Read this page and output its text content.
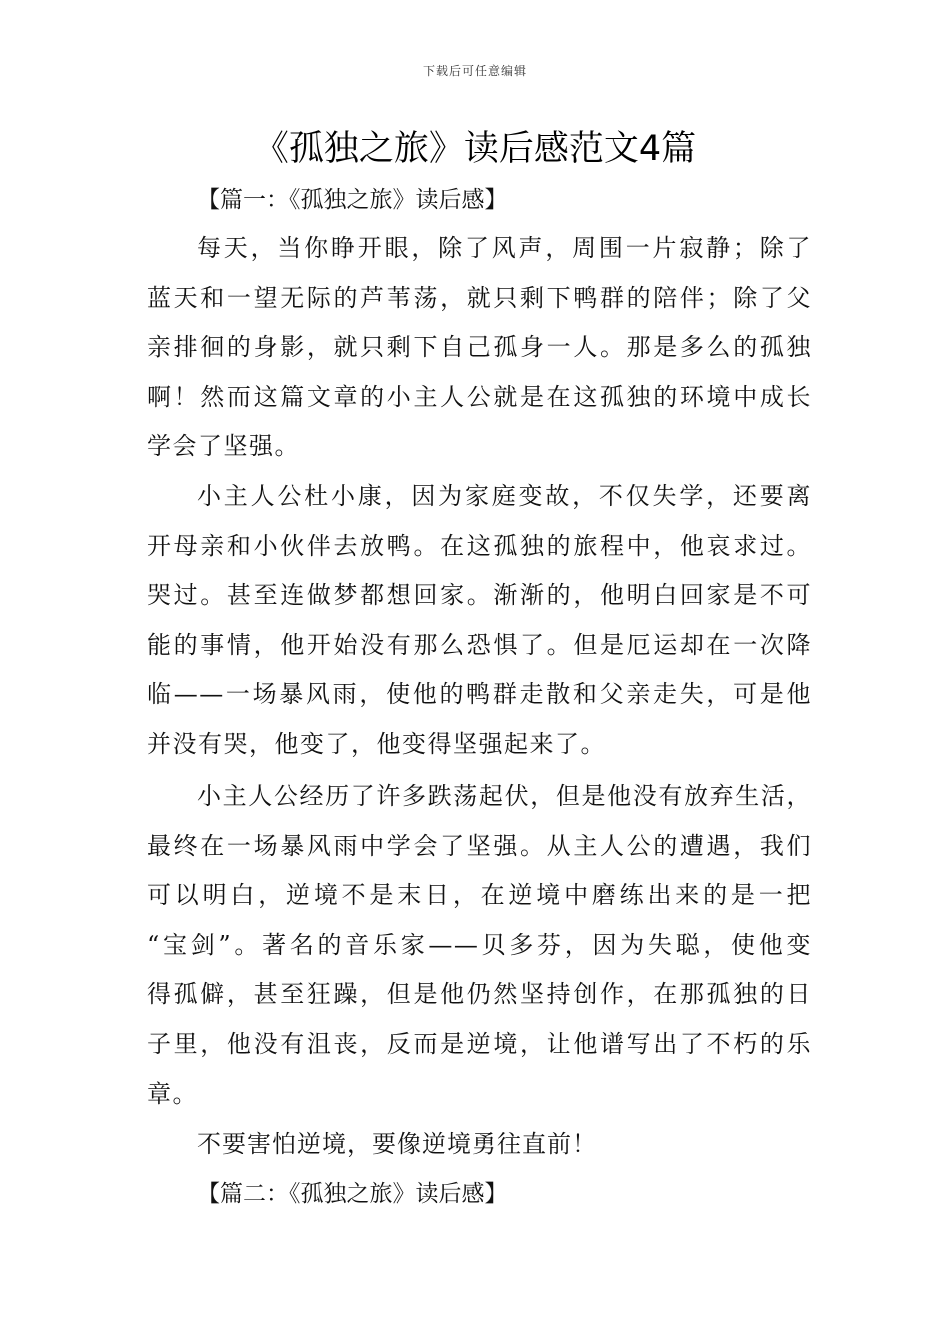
下载后可任意编辑
《孤独之旅》读后感范文4篇
【篇一：《孤独之旅》读后感】
每天，当你睁开眼，除了风声，周围一片寂静；除了
蓝天和一望无际的芦苇荡，就只剩下鸭群的陪伴；除了父
亲排徊的身影，就只剩下自己孤身一人。那是多么的孤独
啊！然而这篇文章的小主人公就是在这孤独的环境中成长
学会了坚强。
小主人公杜小康，因为家庭变故，不仅失学，还要离
开母亲和小伙伴去放鸭。在这孤独的旅程中，他哀求过。
哭过。甚至连做梦都想回家。渐渐的，他明白回家是不可
能的事情，他开始没有那么恐惧了。但是厄运却在一次降
临——一场暴风雨，使他的鸭群走散和父亲走失，可是他
并没有哭，他变了，他变得坚强起来了。
小主人公经历了许多跌荡起伏，但是他没有放弃生活，
最终在一场暴风雨中学会了坚强。从主人公的遭遇，我们
可以明白，逆境不是末日，在逆境中磨练出来的是一把
“宝剑”。著名的音乐家——贝多芬，因为失聪，使他变
得孤僻，甚至狂躁，但是他仍然坚持创作，在那孤独的日
子里，他没有沮丧，反而是逆境，让他谱写出了不朽的乐
章。

不要害怕逆境，要像逆境勇往直前！

【篇二：《孤独之旅》读后感】
